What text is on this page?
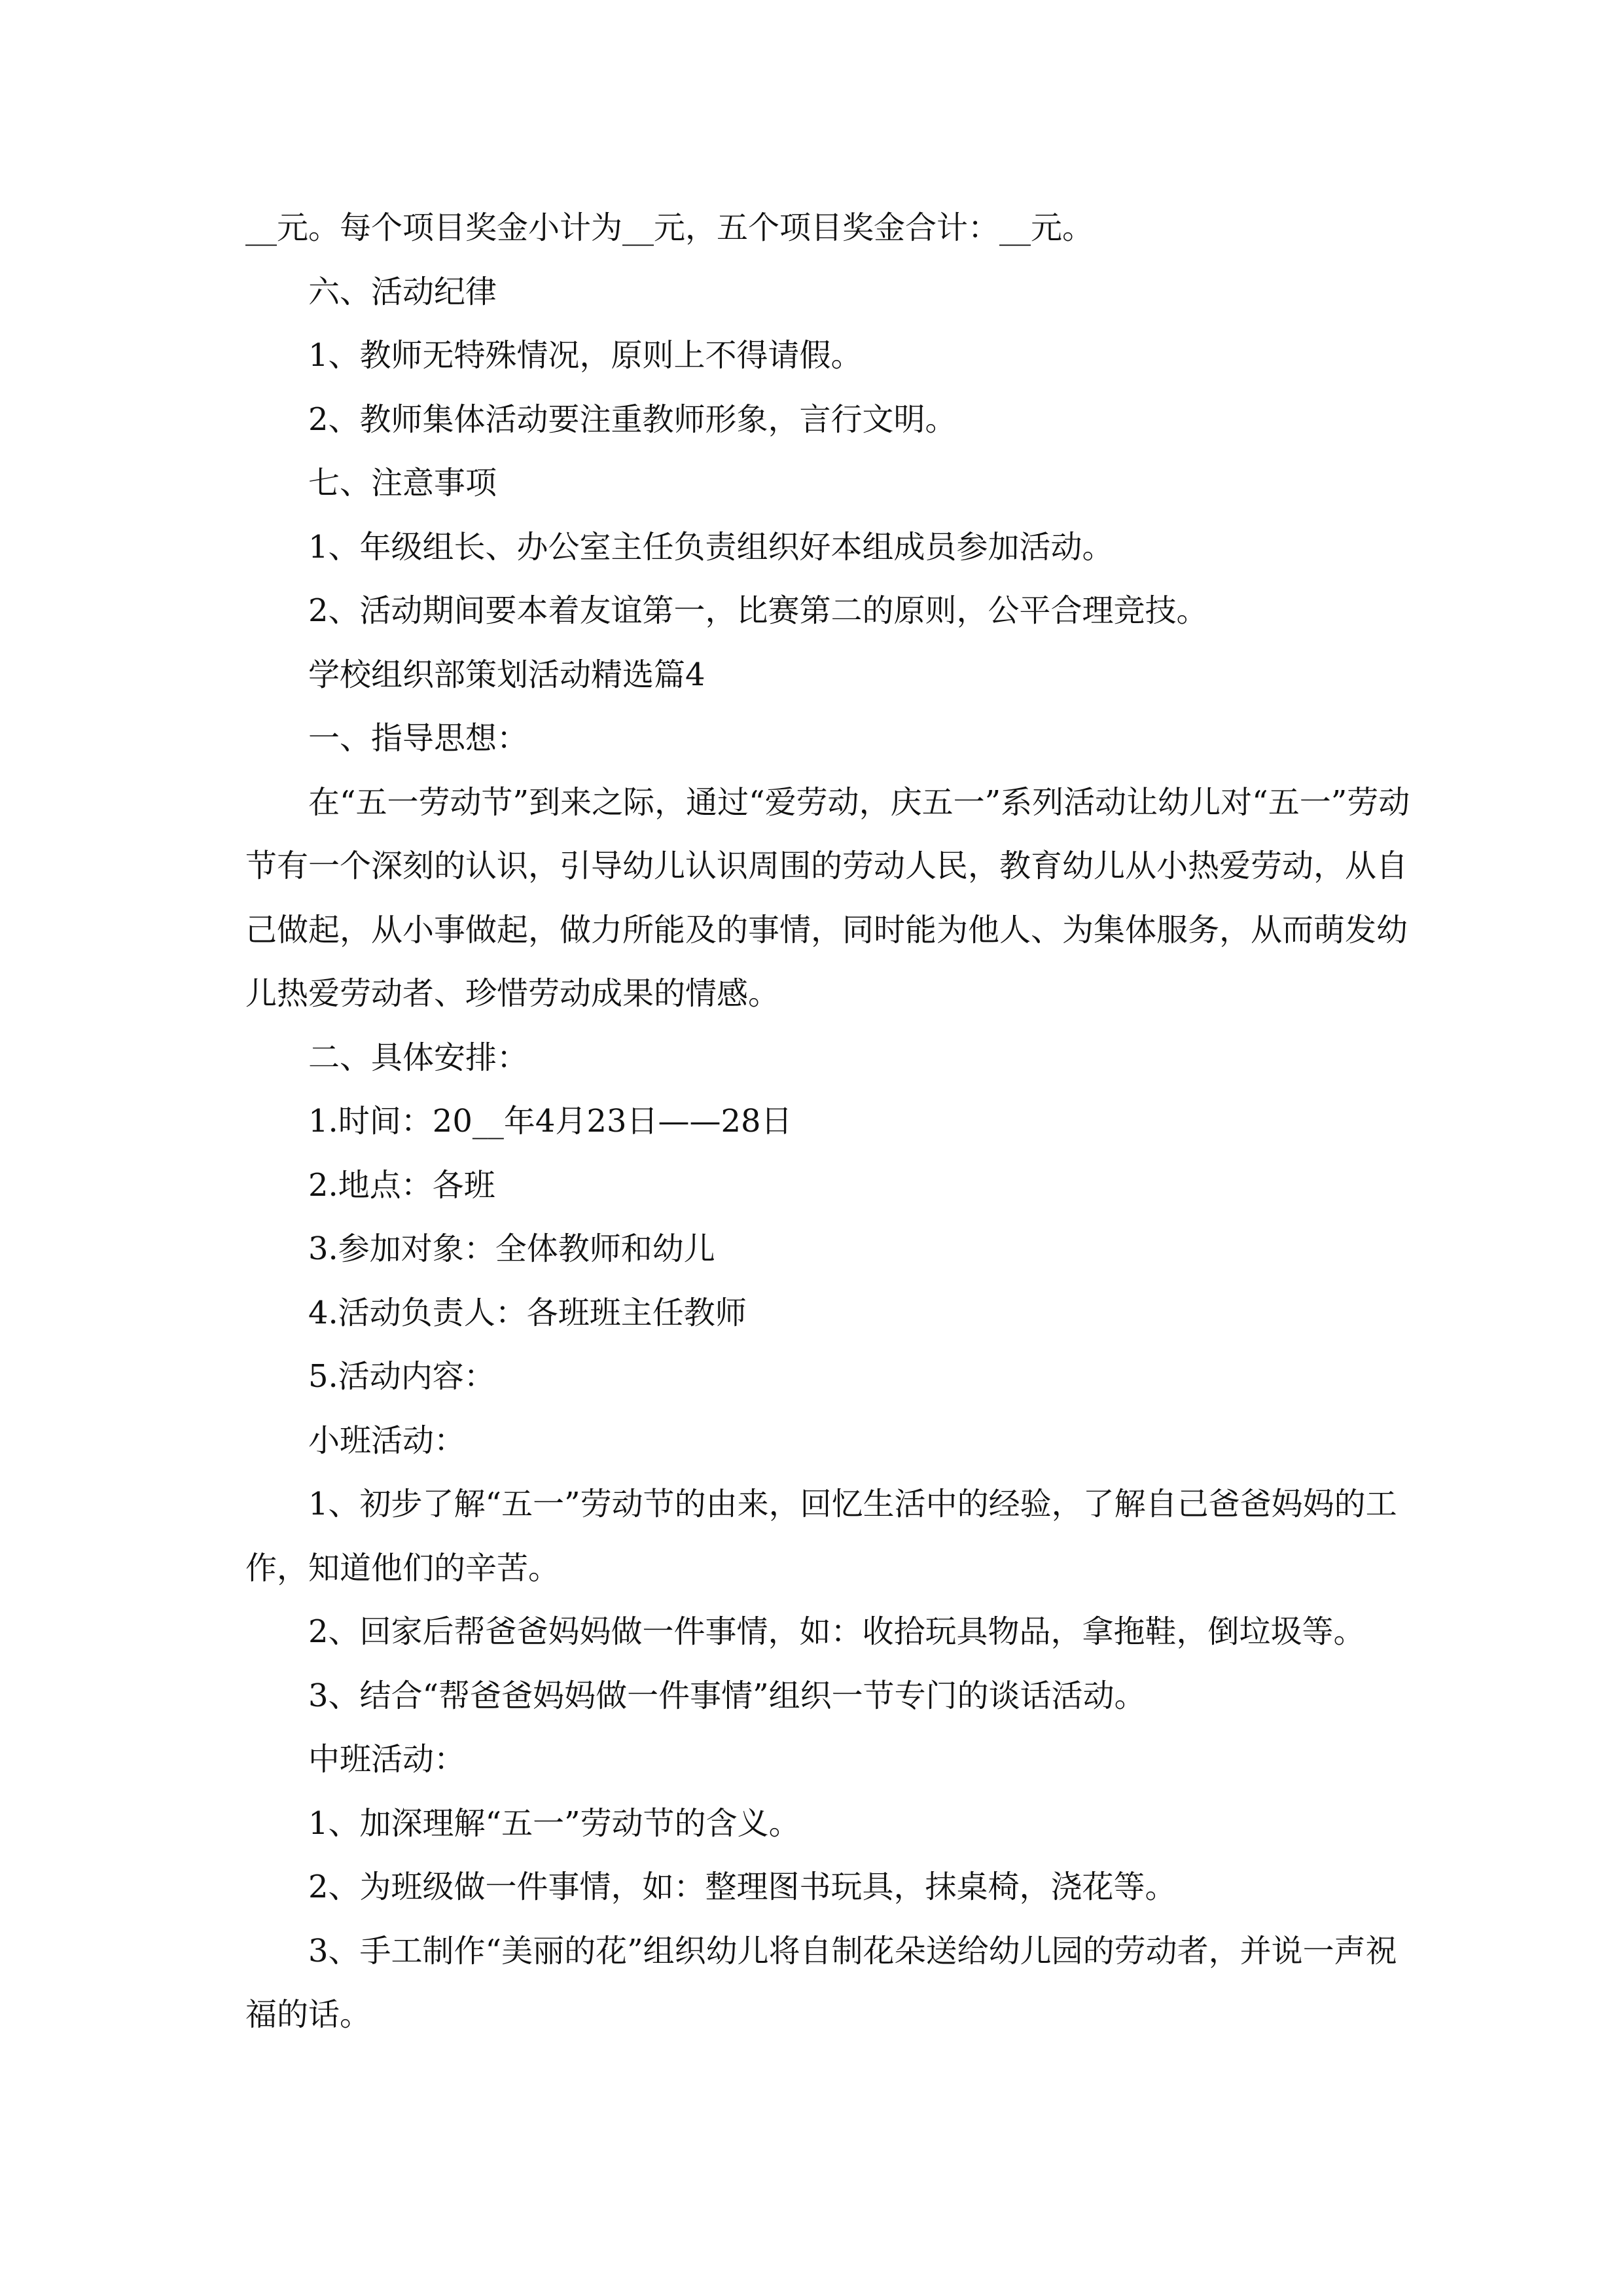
__元。每个项目奖金小计为__元，五个项目奖金合计：__元。

六、活动纪律

1、教师无特殊情况，原则上不得请假。

2、教师集体活动要注重教师形象，言行文明。

七、注意事项

1、年级组长、办公室主任负责组织好本组成员参加活动。

2、活动期间要本着友谊第一，比赛第二的原则，公平合理竞技。

学校组织部策划活动精选篇4

一、指导思想：

在“五一劳动节”到来之际，通过“爱劳动，庆五一”系列活动让幼儿对“五一”劳动节有一个深刻的认识，引导幼儿认识周围的劳动人民，教育幼儿从小热爱劳动，从自己做起，从小事做起，做力所能及的事情，同时能为他人、为集体服务，从而萌发幼儿热爱劳动者、珍惜劳动成果的情感。

二、具体安排：

1.时间：20__年4月23日——28日

2.地点：各班

3.参加对象：全体教师和幼儿

4.活动负责人：各班班主任教师

5.活动内容：

小班活动：

1、初步了解“五一”劳动节的由来，回忆生活中的经验，了解自己爸爸妈妈的工作，知道他们的辛苦。

2、回家后帮爸爸妈妈做一件事情，如：收拾玩具物品，拿拖鞋，倒垃圾等。

3、结合“帮爸爸妈妈做一件事情”组织一节专门的谈话活动。

中班活动：

1、加深理解“五一”劳动节的含义。

2、为班级做一件事情，如：整理图书玩具，抹桌椅，浇花等。

3、手工制作“美丽的花”组织幼儿将自制花朵送给幼儿园的劳动者，并说一声祝福的话。
